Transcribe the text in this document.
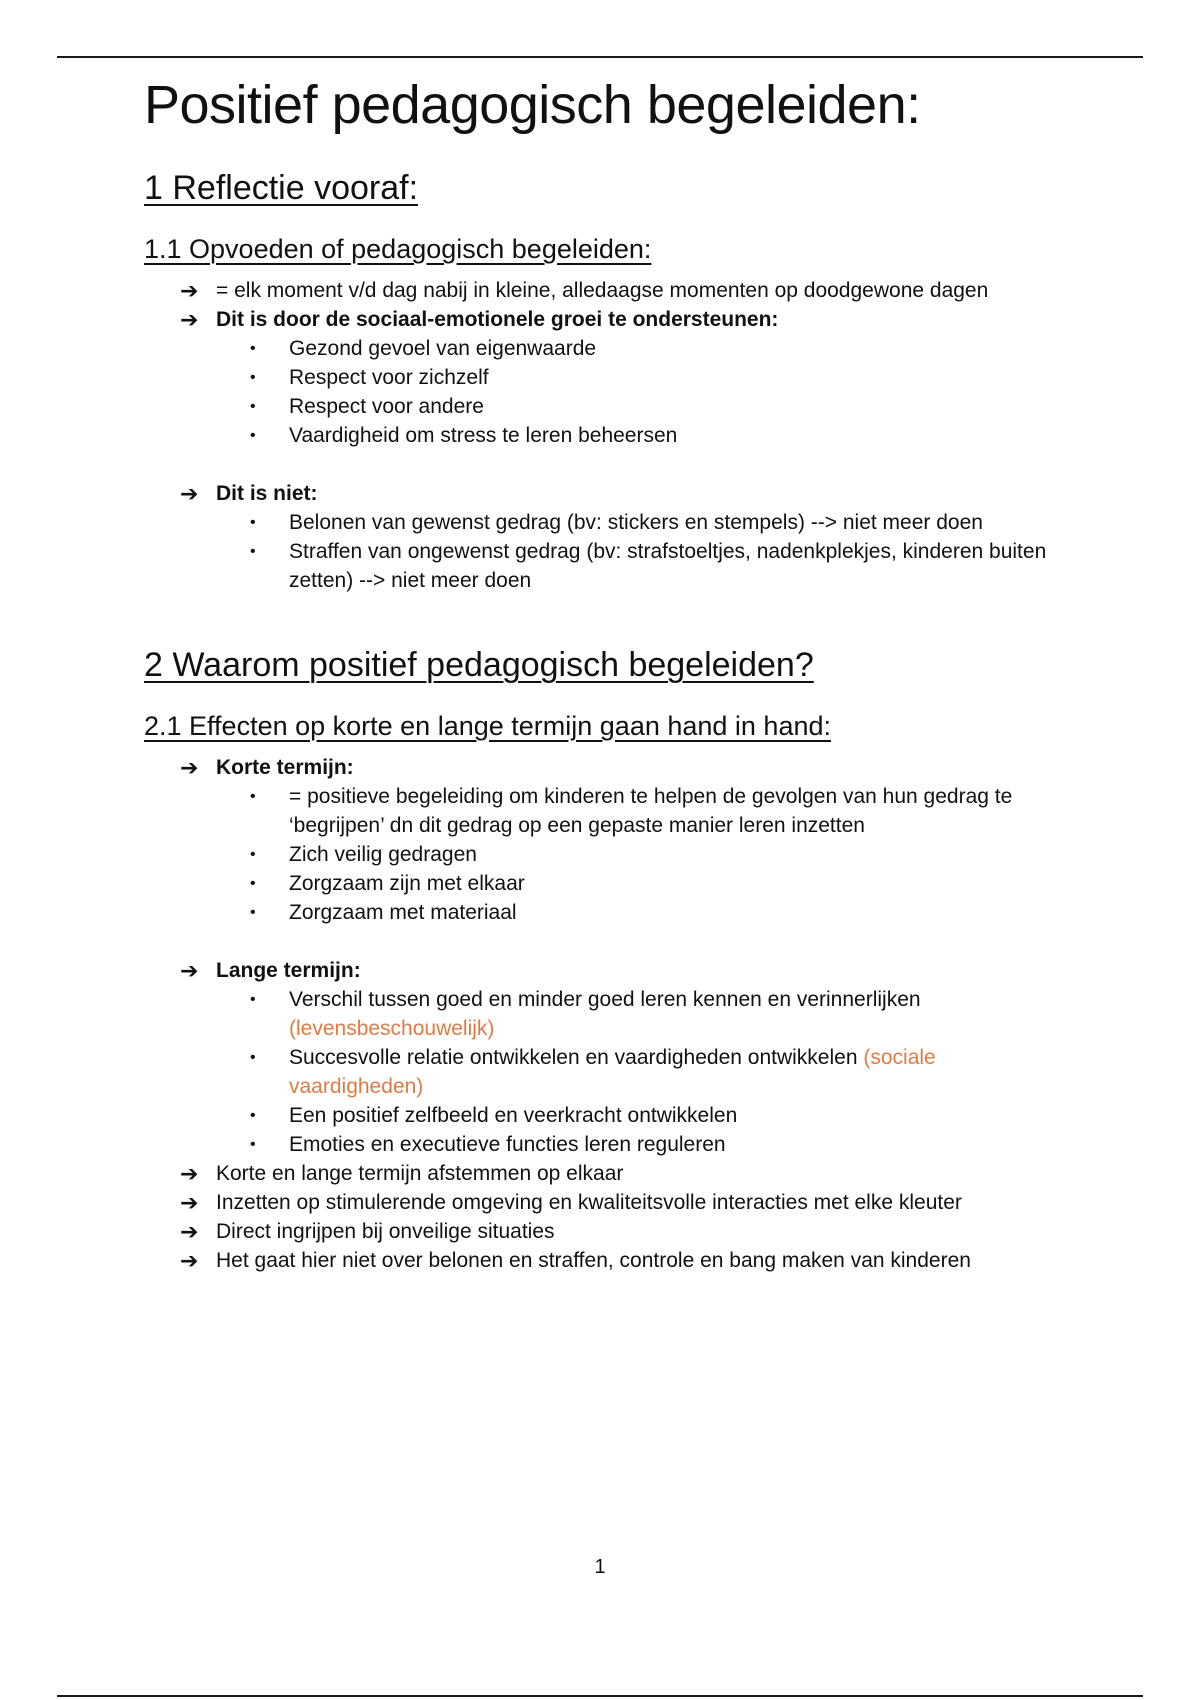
Positief pedagogisch begeleiden:
1 Reflectie vooraf:
1.1 Opvoeden of pedagogisch begeleiden:
➔ = elk moment v/d dag nabij in kleine, alledaagse momenten op doodgewone dagen
➔ Dit is door de sociaal-emotionele groei te ondersteunen:
•	Gezond gevoel van eigenwaarde
•	Respect voor zichzelf
•	Respect voor andere
•	Vaardigheid om stress te leren beheersen
➔ Dit is niet:
•	Belonen van gewenst gedrag (bv: stickers en stempels) --> niet meer doen
•	Straffen van ongewenst gedrag (bv: strafstoeltjes, nadenkplekjes, kinderen buiten zetten) --> niet meer doen
2 Waarom positief pedagogisch begeleiden?
2.1 Effecten op korte en lange termijn gaan hand in hand:
➔ Korte termijn:
•	= positieve begeleiding om kinderen te helpen de gevolgen van hun gedrag te ‘begrijpen’ dn dit gedrag op een gepaste manier leren inzetten
•	Zich veilig gedragen
•	Zorgzaam zijn met elkaar
•	Zorgzaam met materiaal
➔ Lange termijn:
•	Verschil tussen goed en minder goed leren kennen en verinnerlijken (levensbeschouwelijk)
•	Succesvolle relatie ontwikkelen en vaardigheden ontwikkelen (sociale vaardigheden)
•	Een positief zelfbeeld en veerkracht ontwikkelen
•	Emoties en executieve functies leren reguleren
➔ Korte en lange termijn afstemmen op elkaar
➔ Inzetten op stimulerende omgeving en kwaliteitsvolle interacties met elke kleuter
➔ Direct ingrijpen bij onveilige situaties
➔ Het gaat hier niet over belonen en straffen, controle en bang maken van kinderen
1
